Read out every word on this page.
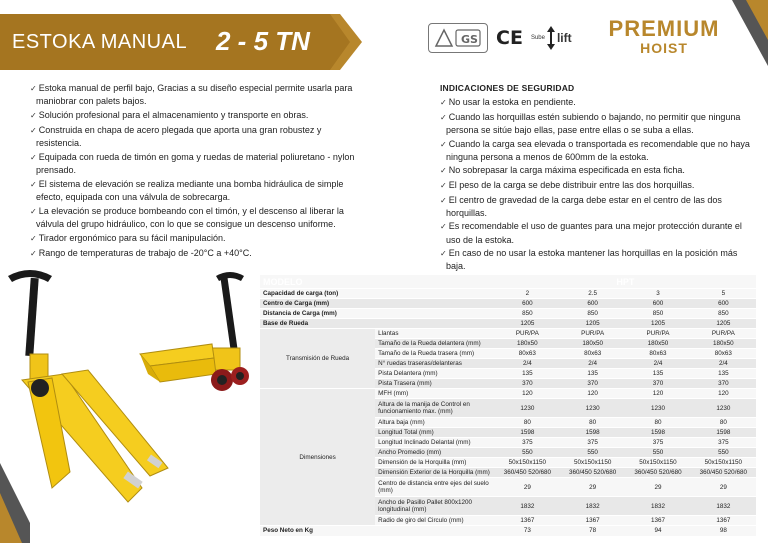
ESTOKA MANUAL 2 - 5 TN	GS CE Sube lift PREMIUM
HOIST
✓ Estoka manual de perfil bajo, Gracias a su diseño especial permite usarla para maniobrar con palets bajos.
✓ Solución profesional para el almacenamiento y transporte en obras.
✓ Construida en chapa de acero plegada que aporta una gran robustez y resistencia.
✓ Equipada con rueda de timón en goma y ruedas de material poliuretano - nylon prensado.
✓ El sistema de elevación se realiza mediante una bomba hidráulica de simple efecto, equipada con una válvula de sobrecarga.
✓ La elevación se produce bombeando con el timón, y el descenso al liberar la válvula del grupo hidráulico, con lo que se consigue un descenso uniforme.
✓ Tirador ergonómico para su fácil manipulación.
✓ Rango de temperaturas de trabajo de -20°C a +40°C.
INDICACIONES DE SEGURIDAD
✓ No usar la estoka en pendiente.
✓ Cuando las horquillas estén subiendo o bajando, no permitir que ninguna persona se sitúe bajo ellas, pase entre ellas o se suba a ellas.
✓ Cuando la carga sea elevada o transportada es recomendable que no haya ninguna persona a menos de 600mm de la estoka.
✓ No sobrepasar la carga máxima especificada en esta ficha.
✓ El peso de la carga se debe distribuir entre las dos horquillas.
✓ El centro de gravedad de la carga debe estar en el centro de las dos horquillas.
✓ Es recomendable el uso de guantes para una mejor protección durante el uso de la estoka.
✓ En caso de no usar la estoka mantener las horquillas en la posición más baja.
MODELO		HPT			
Capacidad de carga (ton)		2	2.5	3	5
Centro de Carga (mm)		600	600	600	600
Distancia de Carga (mm)		850	850	850	850
Base de Rueda		1205	1205	1205	1205
Transmisión de Rueda	Llantas	PUR/PA	PUR/PA	PUR/PA	PUR/PA
	Tamaño de la Rueda delantera (mm)	180x50	180x50	180x50	180x50
	Tamaño de la Rueda trasera (mm)	80x63	80x63	80x63	80x63
	N° ruedas traseras/delanteras	2/4	2/4	2/4	2/4
	Pista Delantera (mm)	135	135	135	135
	Pista Trasera (mm)	370	370	370	370
Dimensiones	MFH (mm)	120	120	120	120
	Altura de la manija de Control en funcionamiento max. (mm)	1230	1230	1230	1230
	Altura baja (mm)	80	80	80	80
	Longitud Total (mm)	1598	1598	1598	1598
	Longitud Inclinado Delantal (mm)	375	375	375	375
	Ancho Promedio (mm)	550	550	550	550
	Dimensión de la Horquilla (mm)	50x150x1150	50x150x1150	50x150x1150	50x150x1150
	Dimensión Exterior de la Horquilla (mm)	360/450 520/680	360/450 520/680	360/450 520/680	360/450 520/680
	Centro de distancia entre ejes del suelo (mm)	29	29	29	29
	Ancho de Pasillo Pallet 800x1200 longitudinal (mm)	1832	1832	1832	1832
	Radio de giro del Circulo (mm)	1367	1367	1367	1367
Peso Neto en Kg		73	78	94	98
